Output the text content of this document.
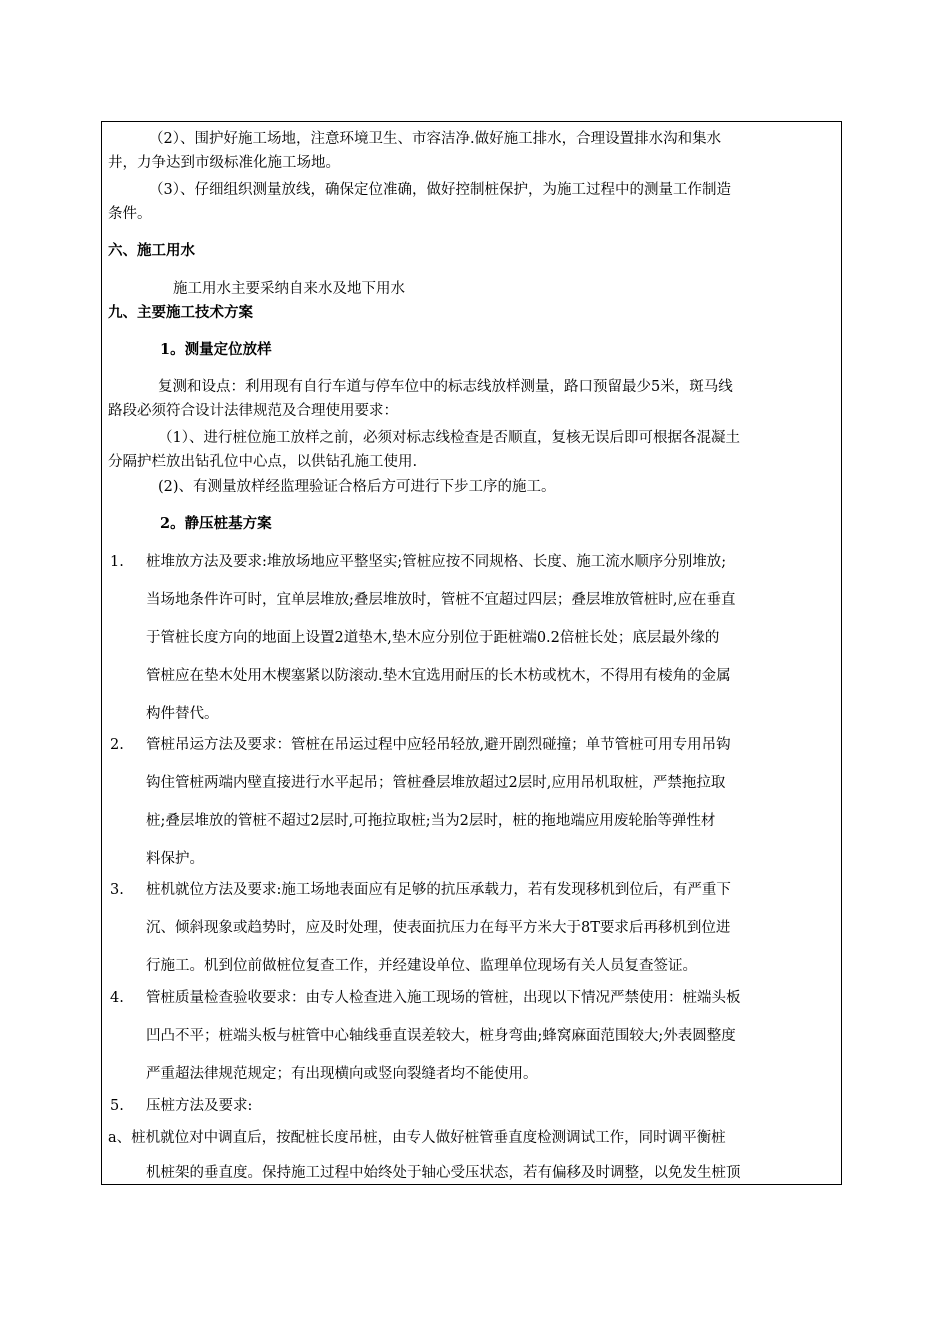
（2）、围护好施工场地，注意环境卫生、市容洁净.做好施工排水，合理设置排水沟和集水
井，力争达到市级标准化施工场地。
（3）、仔细组织测量放线，确保定位准确，做好控制桩保护，为施工过程中的测量工作制造
条件。
六、施工用水
施工用水主要采纳自来水及地下用水
九、主要施工技术方案
1。测量定位放样
复测和设点：利用现有自行车道与停车位中的标志线放样测量，路口预留最少5米，斑马线
路段必须符合设计法律规范及合理使用要求：
（1）、进行桩位施工放样之前，必须对标志线检查是否顺直，复核无误后即可根据各混凝土
分隔护栏放出钻孔位中心点，以供钻孔施工使用.
(2)、有测量放样经监理验证合格后方可进行下步工序的施工。
2。静压桩基方案
1. 桩堆放方法及要求:堆放场地应平整坚实;管桩应按不同规格、长度、施工流水顺序分别堆放;
当场地条件许可时，宜单层堆放;叠层堆放时，管桩不宜超过四层；叠层堆放管桩时,应在垂直
于管桩长度方向的地面上设置2道垫木,垫木应分别位于距桩端0.2倍桩长处；底层最外缘的
管桩应在垫木处用木楔塞紧以防滚动.垫木宜选用耐压的长木枋或枕木，不得用有棱角的金属
构件替代。
2. 管桩吊运方法及要求：管桩在吊运过程中应轻吊轻放,避开剧烈碰撞；单节管桩可用专用吊钩
钩住管桩两端内壁直接进行水平起吊；管桩叠层堆放超过2层时,应用吊机取桩，严禁拖拉取
桩;叠层堆放的管桩不超过2层时,可拖拉取桩;当为2层时，桩的拖地端应用废轮胎等弹性材
料保护。
3. 桩机就位方法及要求:施工场地表面应有足够的抗压承载力，若有发现移机到位后，有严重下
沉、倾斜现象或趋势时，应及时处理，使表面抗压力在每平方米大于8T要求后再移机到位进
行施工。机到位前做桩位复查工作，并经建设单位、监理单位现场有关人员复查签证。
4. 管桩质量检查验收要求：由专人检查进入施工现场的管桩，出现以下情况严禁使用：桩端头板
凹凸不平；桩端头板与桩管中心轴线垂直误差较大，桩身弯曲;蜂窝麻面范围较大;外表圆整度
严重超法律规范规定；有出现横向或竖向裂缝者均不能使用。
5. 压桩方法及要求:
a、桩机就位对中调直后，按配桩长度吊桩，由专人做好桩管垂直度检测调试工作，同时调平衡桩
机桩架的垂直度。保持施工过程中始终处于轴心受压状态，若有偏移及时调整，以免发生桩顶
